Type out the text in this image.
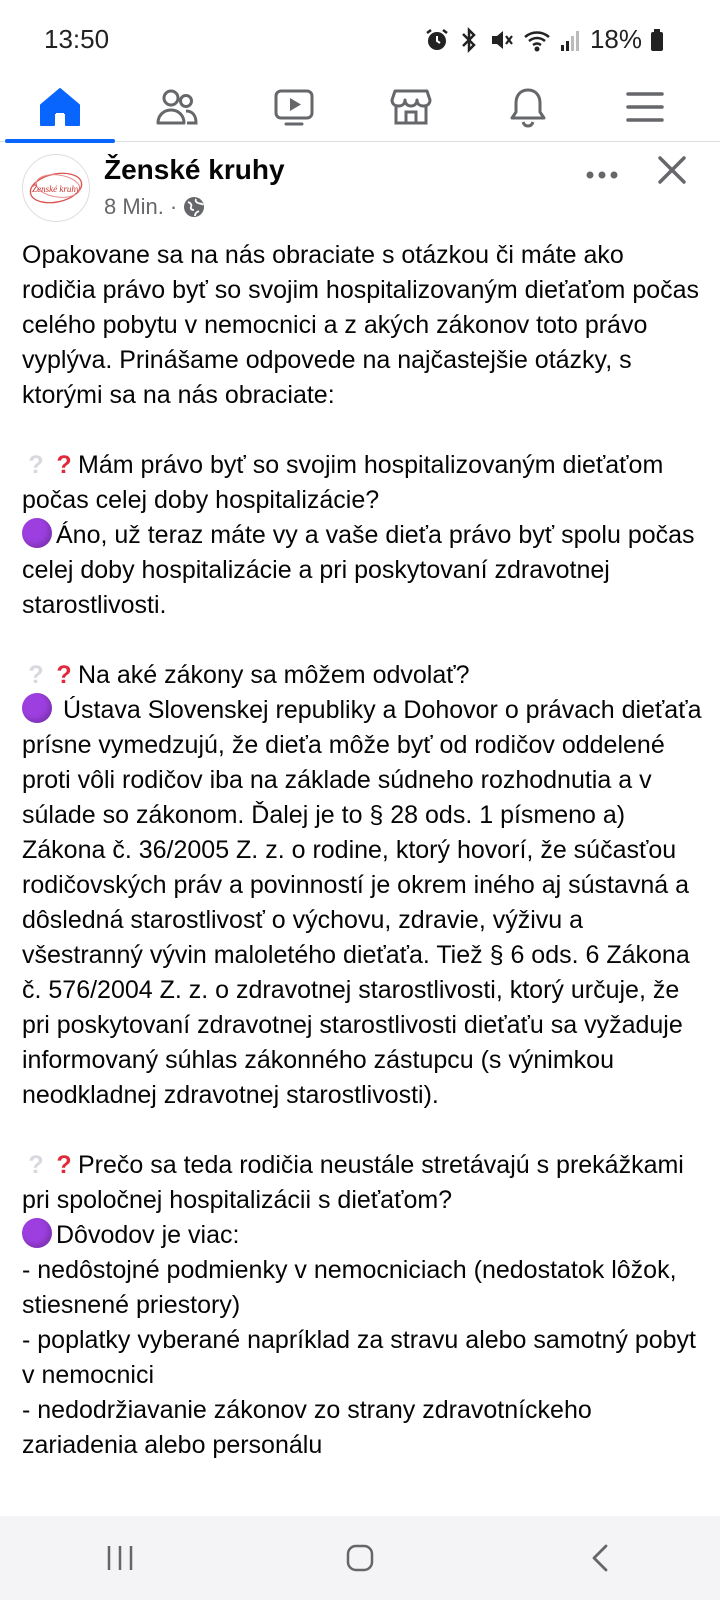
13:50	18%
Ženské kruhy
Ženské kruhy
8 Min. ·

Opakovane sa na nás obraciate s otázkou či máte ako rodičia právo byť so svojim hospitalizovaným dieťaťom počas celého pobytu v nemocnici a z akých zákonov toto právo vyplýva. Prinášame odpovede na najčastejšie otázky, s ktorými sa na nás obraciate:

? ? Mám právo byť so svojim hospitalizovaným dieťaťom počas celej doby hospitalizácie?

Áno, už teraz máte vy a vaše dieťa právo byť spolu počas celej doby hospitalizácie a pri poskytovaní zdravotnej starostlivosti.

? ? Na aké zákony sa môžem odvolať?

Ústava Slovenskej republiky a Dohovor o právach dieťaťa prísne vymedzujú, že dieťa môže byť od rodičov oddelené proti vôli rodičov iba na základe súdneho rozhodnutia a v súlade so zákonom. Ďalej je to § 28 ods. 1 písmeno a) Zákona č. 36/2005 Z. z. o rodine, ktorý hovorí, že súčasťou rodičovských práv a povinností je okrem iného aj sústavná a dôsledná starostlivosť o výchovu, zdravie, výživu a všestranný vývin maloletého dieťaťa. Tiež § 6 ods. 6 Zákona č. 576/2004 Z. z. o zdravotnej starostlivosti, ktorý určuje, že pri poskytovaní zdravotnej starostlivosti dieťaťu sa vyžaduje informovaný súhlas zákonného zástupcu (s výnimkou neodkladnej zdravotnej starostlivosti).

? ? Prečo sa teda rodičia neustále stretávajú s prekážkami pri spoločnej hospitalizácii s dieťaťom?

Dôvodov je viac:

- nedôstojné podmienky v nemocniciach (nedostatok lôžok, stiesnené priestory)

- poplatky vyberané napríklad za stravu alebo samotný pobyt v nemocnici

- nedodržiavanie zákonov zo strany zdravotníckeho zariadenia alebo personálu
